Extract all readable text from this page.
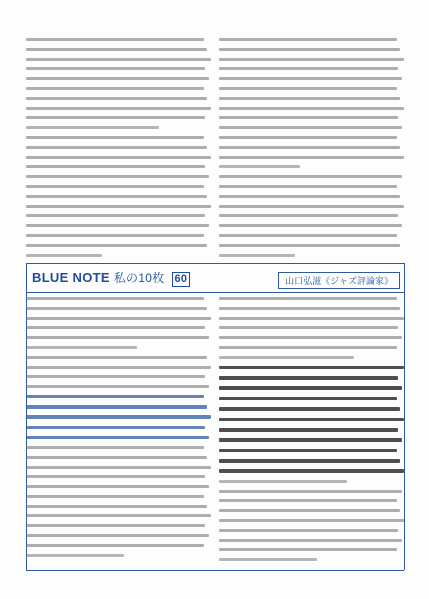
BLUE NOTE 私の10枚 60	山口弘滋《ジャズ評論家》
